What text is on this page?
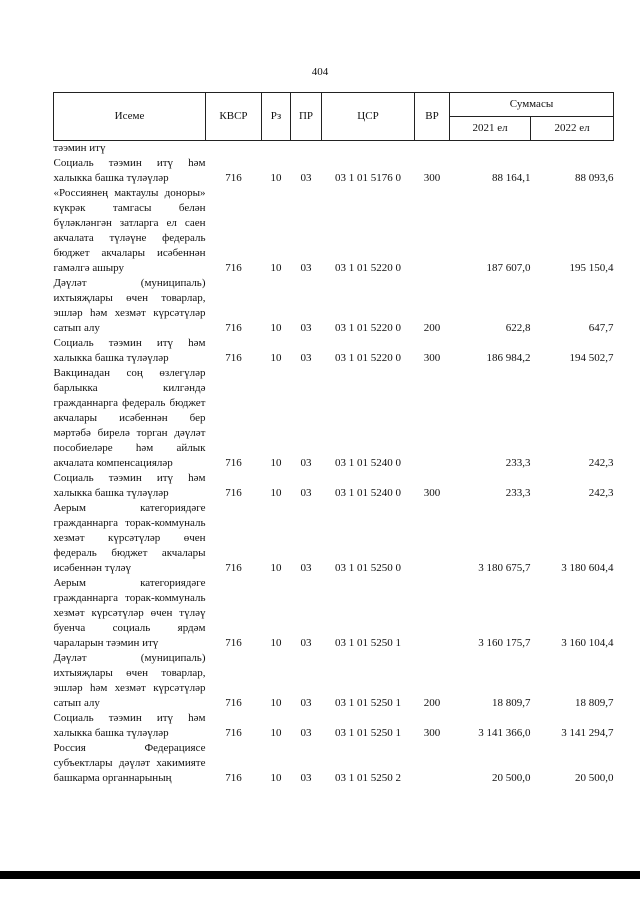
404
Исеме	КВСР	Рз	ПР	ЦСР	ВР	Суммасы	
						2021 ел	2022 ел
тәэмин итү							
Социаль тәэмин итү һәм халыкка башка түләүләр	716	10	03	03 1 01 5176 0	300	88 164,1	88 093,6
«Россиянең мактаулы доноры» күкрәк тамгасы белән бүләкләнгән затларга ел саен акчалата түләүне федераль бюджет акчалары исәбеннән гамәлгә ашыру	716	10	03	03 1 01 5220 0		187 607,0	195 150,4
Дәүләт (муниципаль) ихтыяҗлары өчен товарлар, эшләр һәм хезмәт күрсәтүләр сатып алу	716	10	03	03 1 01 5220 0	200	622,8	647,7
Социаль тәэмин итү һәм халыкка башка түләүләр	716	10	03	03 1 01 5220 0	300	186 984,2	194 502,7
Вакцинадан соң өзлегүләр барлыкка килгәндә гражданнарга федераль бюджет акчалары исәбеннән бер мәртәбә бирелә торган дәүләт пособиеләре һәм айлык акчалата компенсацияләр	716	10	03	03 1 01 5240 0		233,3	242,3
Социаль тәэмин итү һәм халыкка башка түләүләр	716	10	03	03 1 01 5240 0	300	233,3	242,3
Аерым категориядәге гражданнарга торак-коммуналь хезмәт күрсәтүләр өчен федераль бюджет акчалары исәбеннән түләү	716	10	03	03 1 01 5250 0		3 180 675,7	3 180 604,4
Аерым категориядәге гражданнарга торак-коммуналь хезмәт күрсәтүләр өчен түләү буенча социаль ярдәм чараларын тәэмин итү	716	10	03	03 1 01 5250 1		3 160 175,7	3 160 104,4
Дәүләт (муниципаль) ихтыяҗлары өчен товарлар, эшләр һәм хезмәт күрсәтүләр сатып алу	716	10	03	03 1 01 5250 1	200	18 809,7	18 809,7
Социаль тәэмин итү һәм халыкка башка түләүләр	716	10	03	03 1 01 5250 1	300	3 141 366,0	3 141 294,7
Россия Федерациясе субъектлары дәүләт хакимияте башкарма органнарының	716	10	03	03 1 01 5250 2		20 500,0	20 500,0
